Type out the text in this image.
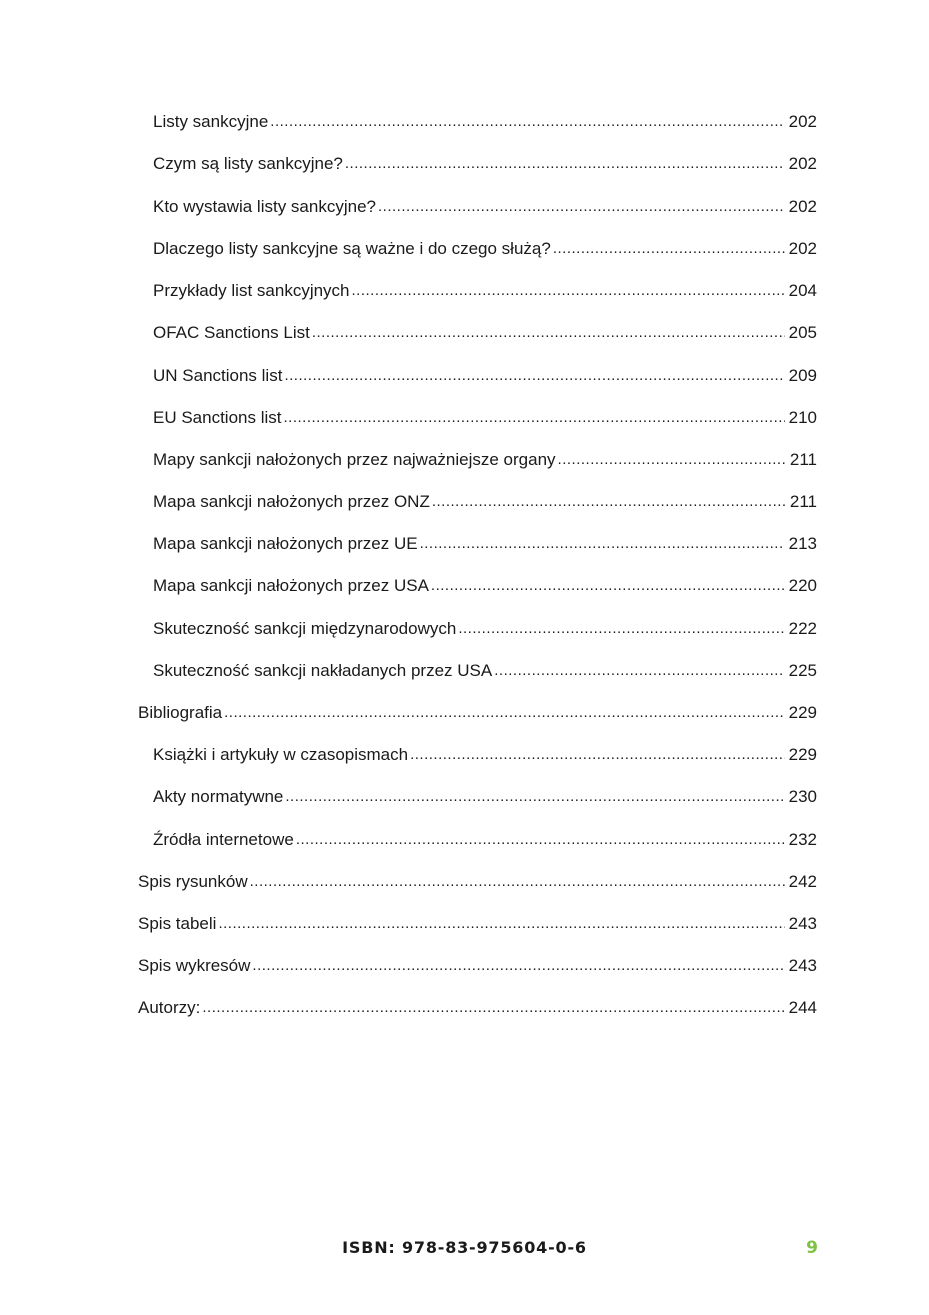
Listy sankcyjne .....	202
Czym są listy sankcyjne? .....	202
Kto wystawia listy sankcyjne? .....	202
Dlaczego listy sankcyjne są ważne i do czego służą? .....	202
Przykłady list sankcyjnych .....	204
OFAC Sanctions List .....	205
UN Sanctions list .....	209
EU Sanctions list .....	210
Mapy sankcji nałożonych przez najważniejsze organy .....	211
Mapa sankcji nałożonych przez ONZ .....	211
Mapa sankcji nałożonych przez UE .....	213
Mapa sankcji nałożonych przez USA .....	220
Skuteczność sankcji międzynarodowych .....	222
Skuteczność sankcji nakładanych przez USA .....	225
Bibliografia .....	229
Książki i artykuły w czasopismach .....	229
Akty normatywne .....	230
Źródła internetowe .....	232
Spis rysunków .....	242
Spis tabeli .....	243
Spis wykresów .....	243
Autorzy: .....	244
ISBN: 978-83-975604-0-6	9
